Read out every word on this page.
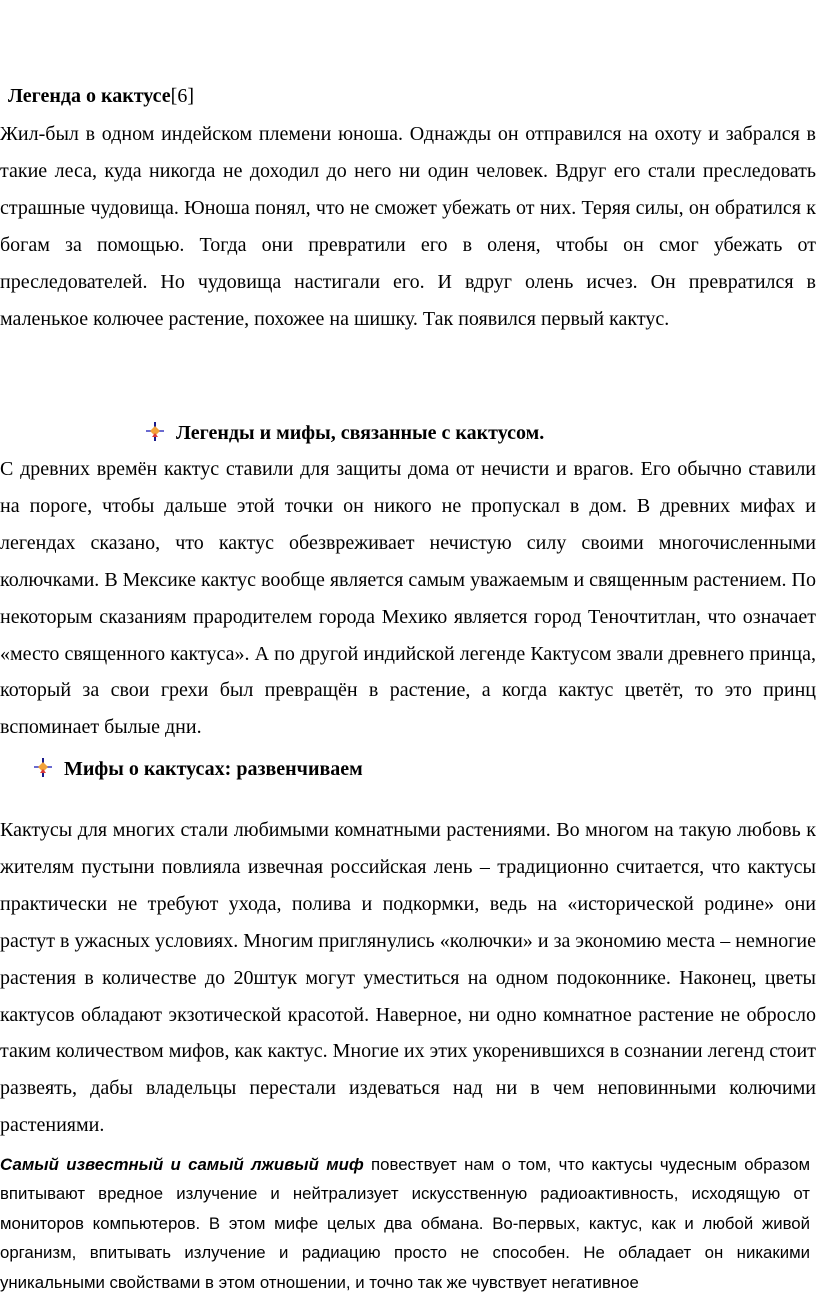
Легенда о кактусе[6]

Жил-был в одном индейском племени юноша. Однажды он отправился на охоту и забрался в такие леса, куда никогда не доходил до него ни один человек. Вдруг его стали преследовать страшные чудовища. Юноша понял, что не сможет убежать от них. Теряя силы, он обратился к богам за помощью. Тогда они превратили его в оленя, чтобы он смог убежать от преследователей. Но чудовища настигали его. И вдруг олень исчез. Он превратился в маленькое колючее растение, похожее на шишку. Так появился первый кактус.

Легенды и мифы, связанные с кактусом.

С древних времён кактус ставили для защиты дома от нечисти и врагов. Его обычно ставили на пороге, чтобы дальше этой точки он никого не пропускал в дом. В древних мифах и легендах сказано, что кактус обезвреживает нечистую силу своими многочисленными колючками. В Мексике кактус вообще является самым уважаемым и священным растением. По некоторым сказаниям прародителем города Мехико является город Теночтитлан, что означает «место священного кактуса». А по другой индийской легенде Кактусом звали древнего принца, который за свои грехи был превращён в растение, а когда кактус цветёт, то это принц вспоминает былые дни.

Мифы о кактусах: развенчиваем

Кактусы для многих стали любимыми комнатными растениями. Во многом на такую любовь к жителям пустыни повлияла извечная российская лень – традиционно считается, что кактусы практически не требуют ухода, полива и подкормки, ведь на «исторической родине» они растут в ужасных условиях. Многим приглянулись «колючки» и за экономию места – немногие растения в количестве до 20штук могут уместиться на одном подоконнике. Наконец, цветы кактусов обладают экзотической красотой. Наверное, ни одно комнатное растение не обросло таким количеством мифов, как кактус. Многие их этих укоренившихся в сознании легенд стоит развеять, дабы владельцы перестали издеваться над ни в чем неповинными колючими растениями.

Самый известный и самый лживый миф повествует нам о том, что кактусы чудесным образом впитывают вредное излучение и нейтрализует искусственную радиоактивность, исходящую от мониторов компьютеров. В этом мифе целых два обмана. Во-первых, кактус, как и любой живой организм, впитывать излучение и радиацию просто не способен. Не обладает он никакими уникальными свойствами в этом отношении, и точно так же чувствует негативное
